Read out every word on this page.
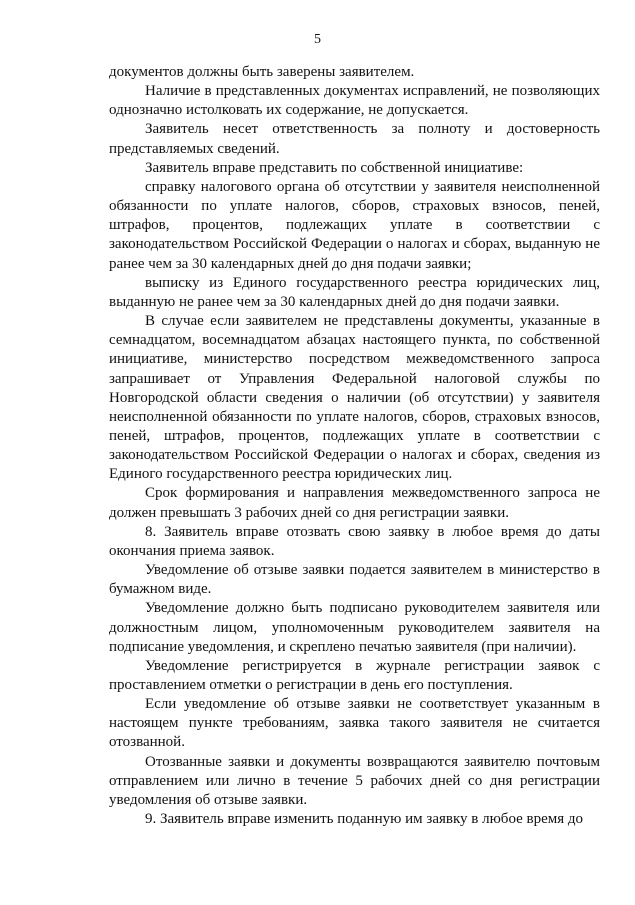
5

документов должны быть заверены заявителем.

Наличие в представленных документах исправлений, не позволяющих однозначно истолковать их содержание, не допускается.

Заявитель несет ответственность за полноту и достоверность представляемых сведений.

Заявитель вправе представить по собственной инициативе:

справку налогового органа об отсутствии у заявителя неисполненной обязанности по уплате налогов, сборов, страховых взносов, пеней, штрафов, процентов, подлежащих уплате в соответствии с законодательством Российской Федерации о налогах и сборах, выданную не ранее чем за 30 календарных дней до дня подачи заявки;

выписку из Единого государственного реестра юридических лиц, выданную не ранее чем за 30 календарных дней до дня подачи заявки.

В случае если заявителем не представлены документы, указанные в семнадцатом, восемнадцатом абзацах настоящего пункта, по собственной инициативе, министерство посредством межведомственного запроса запрашивает от Управления Федеральной налоговой службы по Новгородской области сведения о наличии (об отсутствии) у заявителя неисполненной обязанности по уплате налогов, сборов, страховых взносов, пеней, штрафов, процентов, подлежащих уплате в соответствии с законодательством Российской Федерации о налогах и сборах, сведения из Единого государственного реестра юридических лиц.

Срок формирования и направления межведомственного запроса не должен превышать 3 рабочих дней со дня регистрации заявки.

8. Заявитель вправе отозвать свою заявку в любое время до даты окончания приема заявок.

Уведомление об отзыве заявки подается заявителем в министерство в бумажном виде.

Уведомление должно быть подписано руководителем заявителя или должностным лицом, уполномоченным руководителем заявителя на подписание уведомления, и скреплено печатью заявителя (при наличии).

Уведомление регистрируется в журнале регистрации заявок с проставлением отметки о регистрации в день его поступления.

Если уведомление об отзыве заявки не соответствует указанным в настоящем пункте требованиям, заявка такого заявителя не считается отозванной.

Отозванные заявки и документы возвращаются заявителю почтовым отправлением или лично в течение 5 рабочих дней со дня регистрации уведомления об отзыве заявки.

9. Заявитель вправе изменить поданную им заявку в любое время до
